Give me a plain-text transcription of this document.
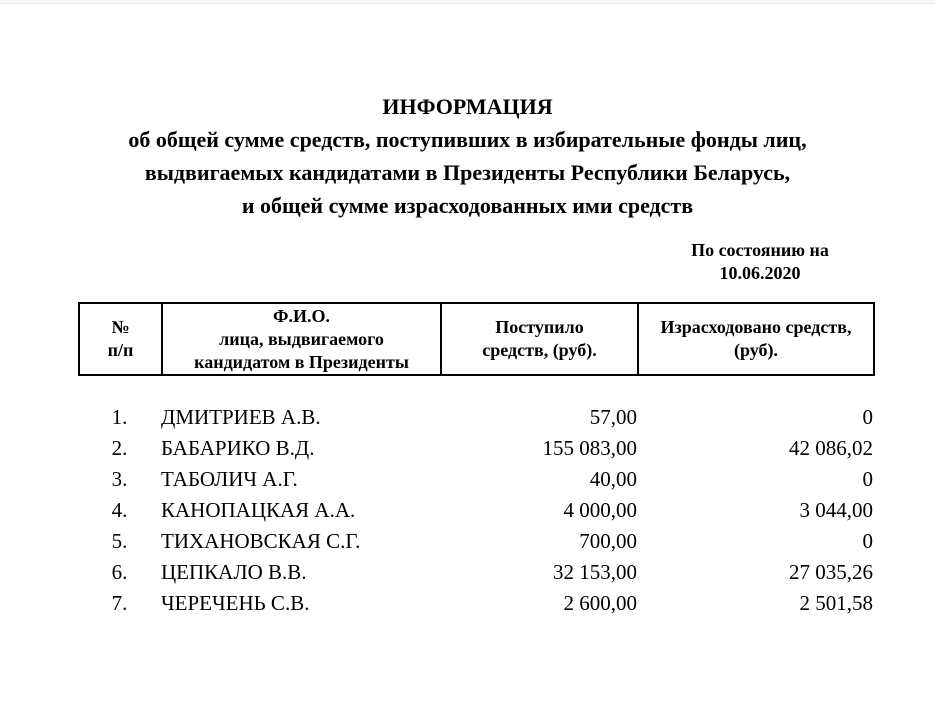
ИНФОРМАЦИЯ
об общей сумме средств, поступивших в избирательные фонды лиц,
выдвигаемых кандидатами в Президенты Республики Беларусь,
и общей сумме израсходованных ими средств
По состоянию на
10.06.2020
№
п/п

Ф.И.О.
лица, выдвигаемого
кандидатом в Президенты

Поступило
средств, (руб).

Израсходовано средств,
(руб).
1.	ДМИТРИЕВ А.В.	57,00	0
2.	БАБАРИКО В.Д.	155 083,00	42 086,02
3.	ТАБОЛИЧ А.Г.	40,00	0
4.	КАНОПАЦКАЯ А.А.	4 000,00	3 044,00
5.	ТИХАНОВСКАЯ С.Г.	700,00	0
6.	ЦЕПКАЛО В.В.	32 153,00	27 035,26
7.	ЧЕРЕЧЕНЬ С.В.	2 600,00	2 501,58
